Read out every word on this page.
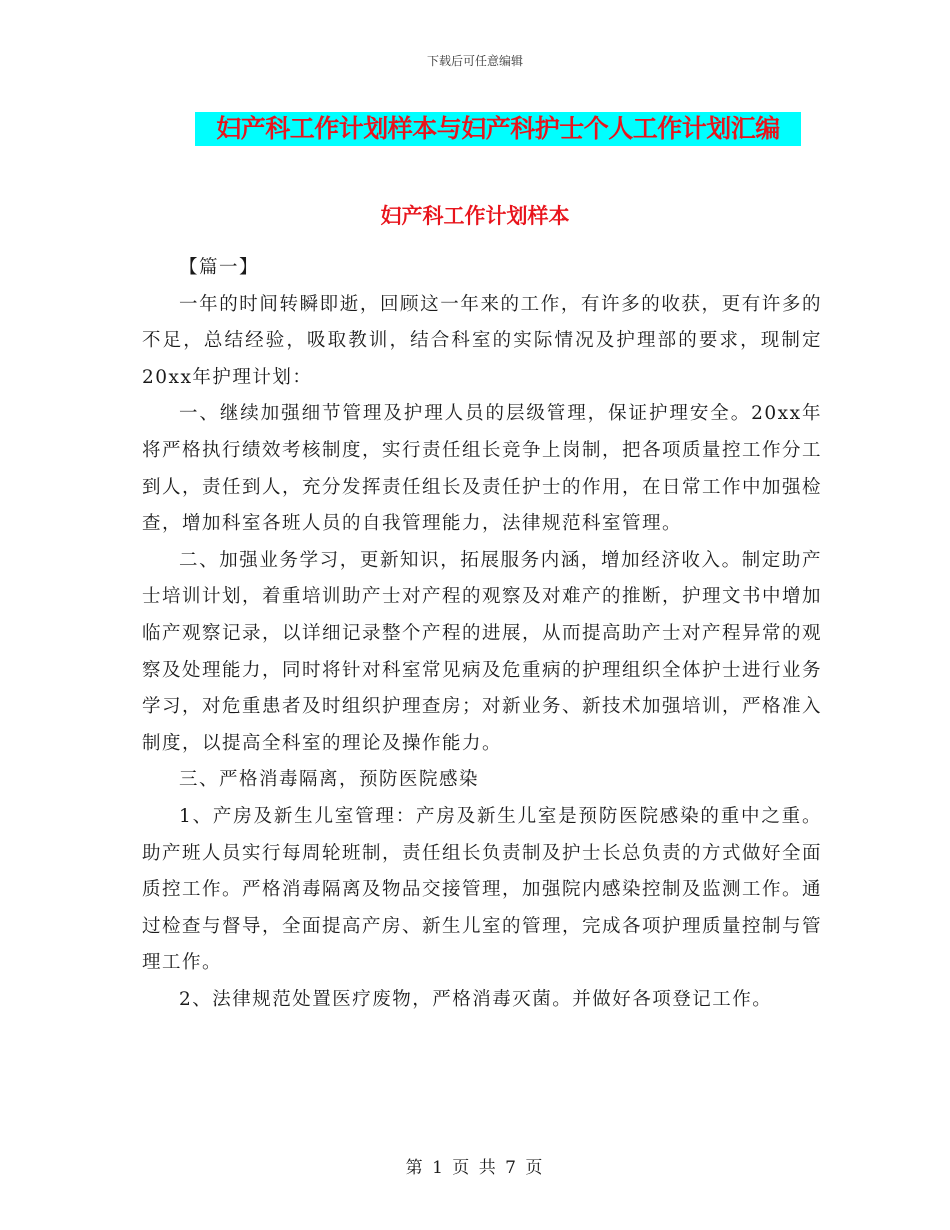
下载后可任意编辑
妇产科工作计划样本与妇产科护士个人工作计划汇编
妇产科工作计划样本

【篇一】

一年的时间转瞬即逝，回顾这一年来的工作，有许多的收获，更有许多的不足，总结经验，吸取教训，结合科室的实际情况及护理部的要求，现制定20xx年护理计划：

一、继续加强细节管理及护理人员的层级管理，保证护理安全。20xx年将严格执行绩效考核制度，实行责任组长竞争上岗制，把各项质量控工作分工到人，责任到人，充分发挥责任组长及责任护士的作用，在日常工作中加强检查，增加科室各班人员的自我管理能力，法律规范科室管理。

二、加强业务学习，更新知识，拓展服务内涵，增加经济收入。制定助产士培训计划，着重培训助产士对产程的观察及对难产的推断，护理文书中增加临产观察记录，以详细记录整个产程的进展，从而提高助产士对产程异常的观察及处理能力，同时将针对科室常见病及危重病的护理组织全体护士进行业务学习，对危重患者及时组织护理查房；对新业务、新技术加强培训，严格准入制度，以提高全科室的理论及操作能力。

三、严格消毒隔离，预防医院感染

1、产房及新生儿室管理：产房及新生儿室是预防医院感染的重中之重。助产班人员实行每周轮班制，责任组长负责制及护士长总负责的方式做好全面质控工作。严格消毒隔离及物品交接管理，加强院内感染控制及监测工作。通过检查与督导，全面提高产房、新生儿室的管理，完成各项护理质量控制与管理工作。

2、法律规范处置医疗废物，严格消毒灭菌。并做好各项登记工作。

第 1 页 共 7 页
